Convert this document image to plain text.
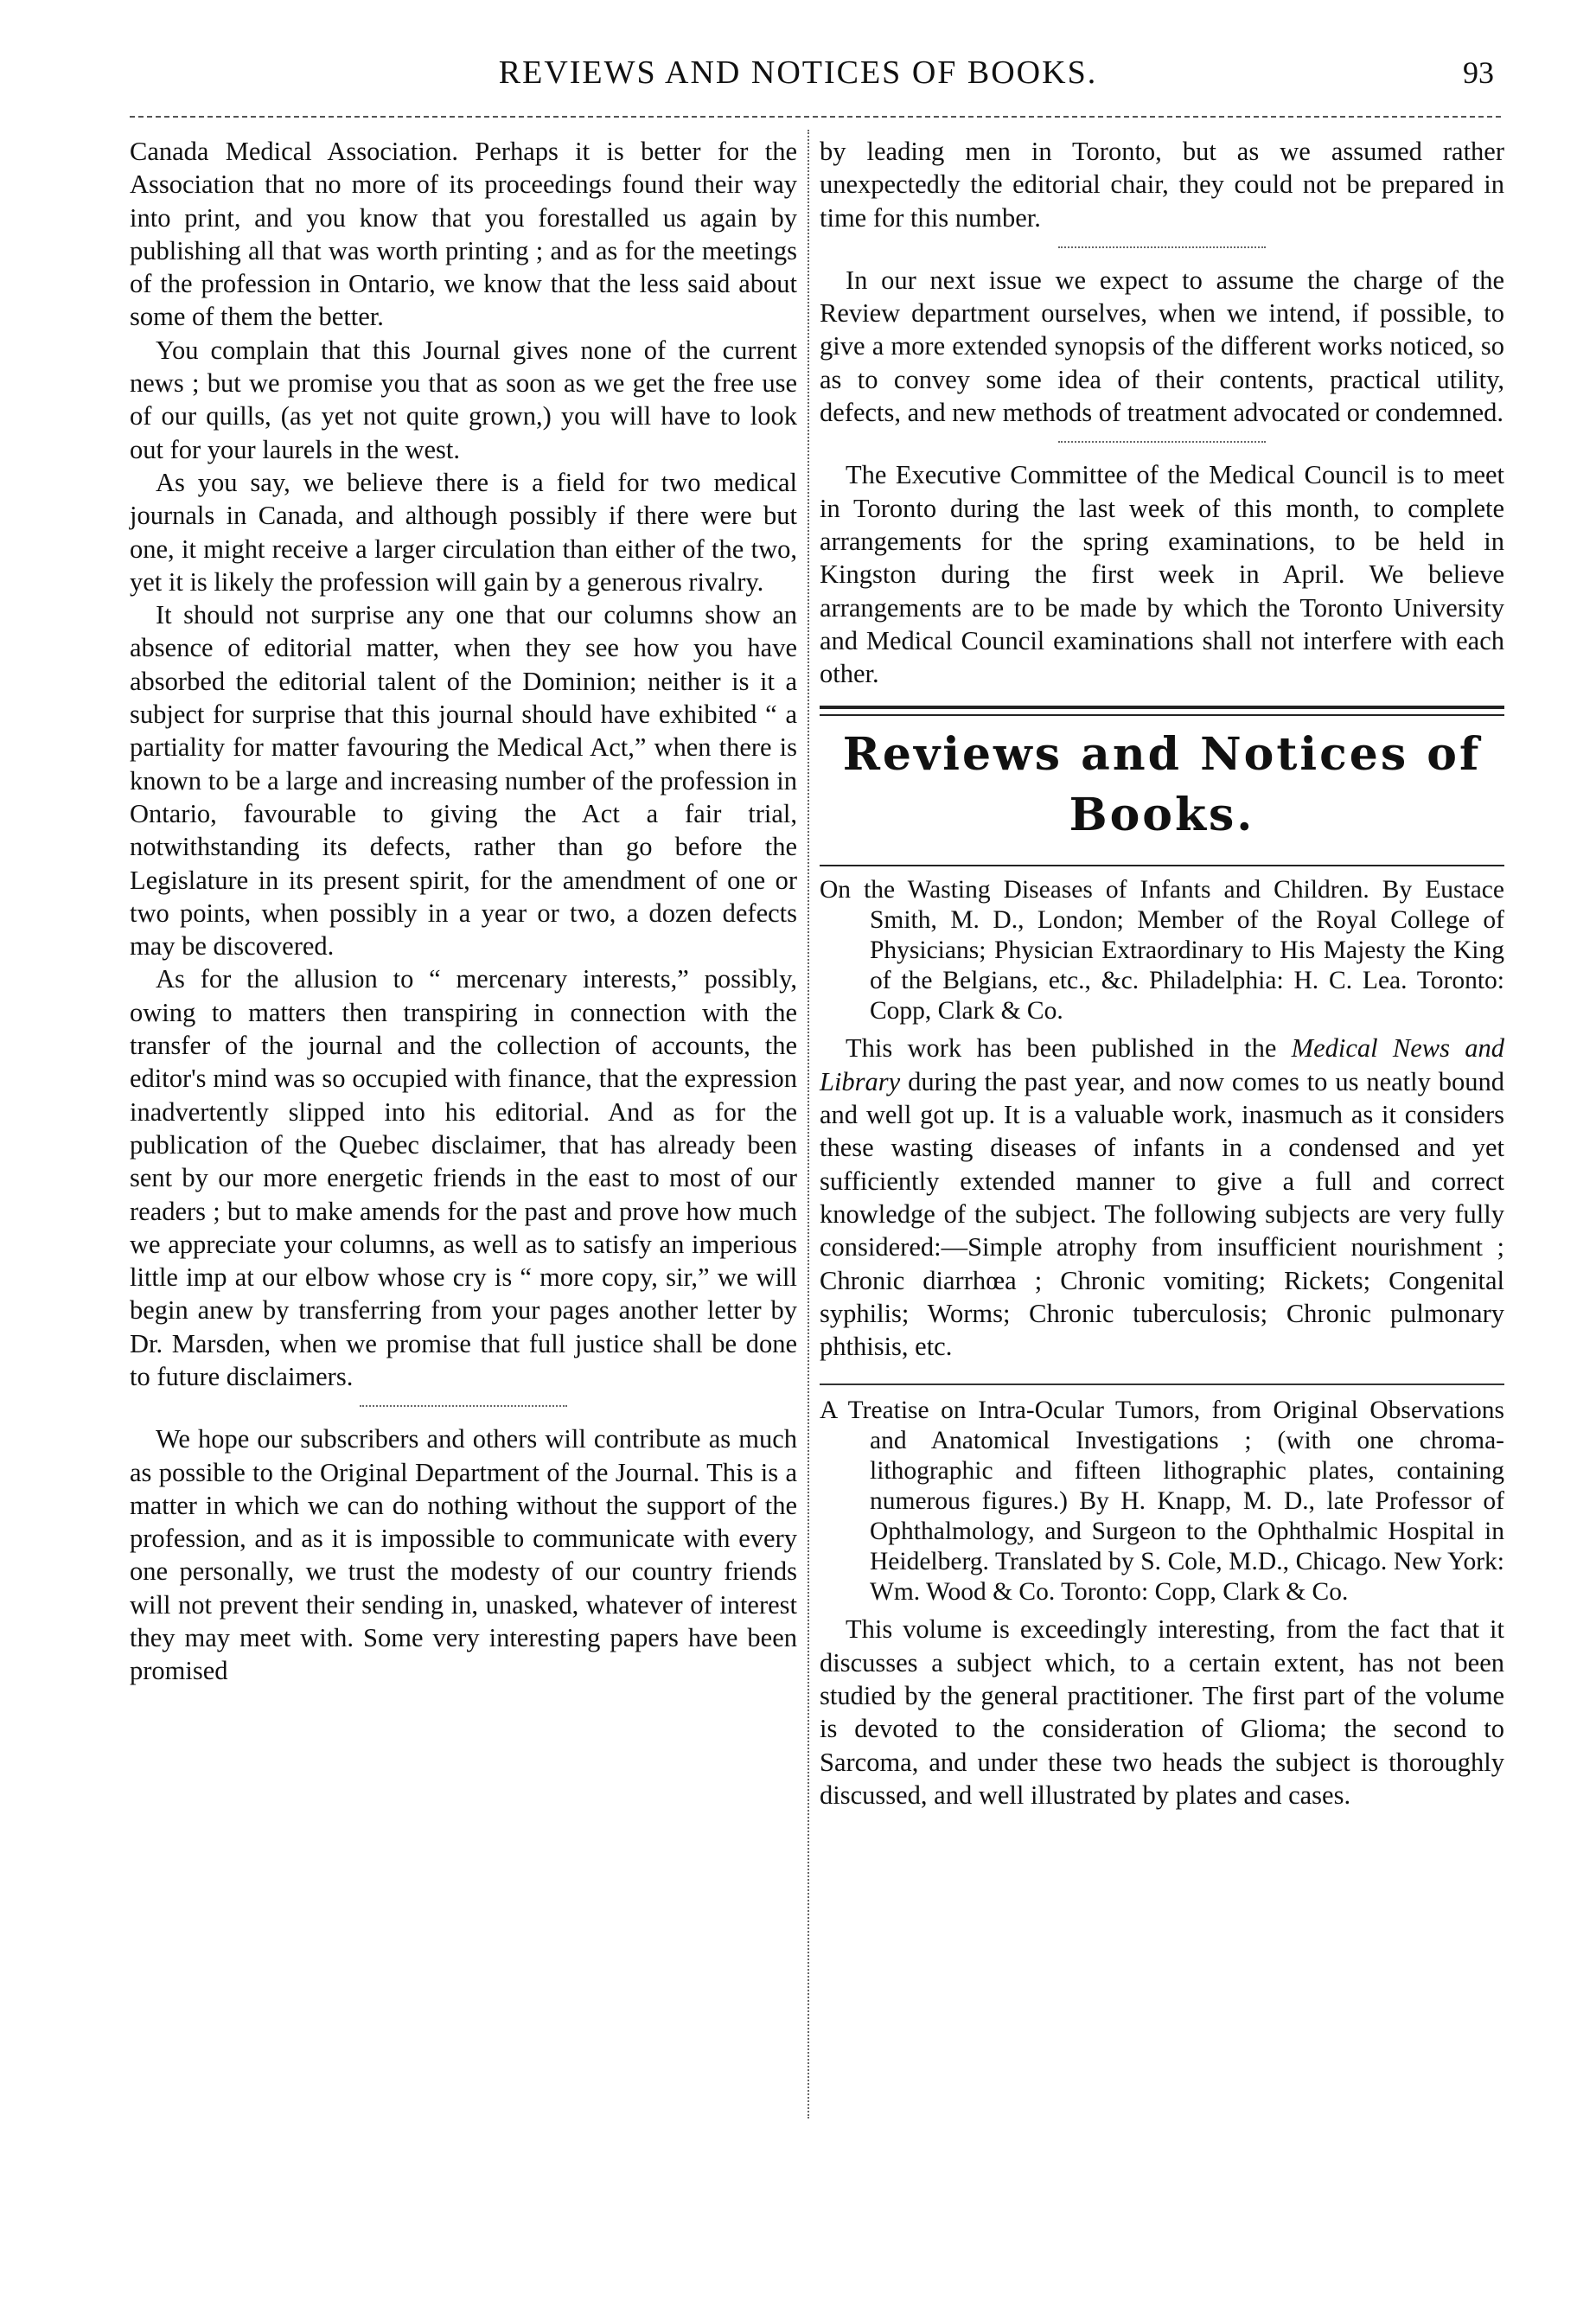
REVIEWS AND NOTICES OF BOOKS.	93

Canada Medical Association. Perhaps it is better for the Association that no more of its proceedings found their way into print, and you know that you forestalled us again by publishing all that was worth printing ; and as for the meetings of the profession in Ontario, we know that the less said about some of them the better.

You complain that this Journal gives none of the current news ; but we promise you that as soon as we get the free use of our quills, (as yet not quite grown,) you will have to look out for your laurels in the west.

As you say, we believe there is a field for two medical journals in Canada, and although possibly if there were but one, it might receive a larger circulation than either of the two, yet it is likely the profession will gain by a generous rivalry.

It should not surprise any one that our columns show an absence of editorial matter, when they see how you have absorbed the editorial talent of the Dominion; neither is it a subject for surprise that this journal should have exhibited “ a partiality for matter favouring the Medical Act,” when there is known to be a large and increasing number of the profession in Ontario, favourable to giving the Act a fair trial, notwithstanding its defects, rather than go before the Legislature in its present spirit, for the amendment of one or two points, when possibly in a year or two, a dozen defects may be discovered.

As for the allusion to “ mercenary interests,” possibly, owing to matters then transpiring in connection with the transfer of the journal and the collection of accounts, the editor's mind was so occupied with finance, that the expression inadvertently slipped into his editorial. And as for the publication of the Quebec disclaimer, that has already been sent by our more energetic friends in the east to most of our readers ; but to make amends for the past and prove how much we appreciate your columns, as well as to satisfy an imperious little imp at our elbow whose cry is “ more copy, sir,” we will begin anew by transferring from your pages another letter by Dr. Marsden, when we promise that full justice shall be done to future disclaimers.

We hope our subscribers and others will contribute as much as possible to the Original Department of the Journal. This is a matter in which we can do nothing without the support of the profession, and as it is impossible to communicate with every one personally, we trust the modesty of our country friends will not prevent their sending in, unasked, whatever of interest they may meet with. Some very interesting papers have been promised

by leading men in Toronto, but as we assumed rather unexpectedly the editorial chair, they could not be prepared in time for this number.

In our next issue we expect to assume the charge of the Review department ourselves, when we intend, if possible, to give a more extended synopsis of the different works noticed, so as to convey some idea of their contents, practical utility, defects, and new methods of treatment advocated or condemned.

The Executive Committee of the Medical Council is to meet in Toronto during the last week of this month, to complete arrangements for the spring examinations, to be held in Kingston during the first week in April. We believe arrangements are to be made by which the Toronto University and Medical Council examinations shall not interfere with each other.

Reviews and Notices of Books.

On the Wasting Diseases of Infants and Children. By Eustace Smith, M. D., London; Member of the Royal College of Physicians; Physician Extraordinary to His Majesty the King of the Belgians, etc., &c. Philadelphia: H. C. Lea. Toronto: Copp, Clark & Co.

This work has been published in the Medical News and Library during the past year, and now comes to us neatly bound and well got up. It is a valuable work, inasmuch as it considers these wasting diseases of infants in a condensed and yet sufficiently extended manner to give a full and correct knowledge of the subject. The following subjects are very fully considered:—Simple atrophy from insufficient nourishment ; Chronic diarrhœa ; Chronic vomiting; Rickets; Congenital syphilis; Worms; Chronic tuberculosis; Chronic pulmonary phthisis, etc.

A Treatise on Intra-Ocular Tumors, from Original Observations and Anatomical Investigations ; (with one chroma-lithographic and fifteen lithographic plates, containing numerous figures.) By H. Knapp, M. D., late Professor of Ophthalmology, and Surgeon to the Ophthalmic Hospital in Heidelberg. Translated by S. Cole, M.D., Chicago. New York: Wm. Wood & Co. Toronto: Copp, Clark & Co.

This volume is exceedingly interesting, from the fact that it discusses a subject which, to a certain extent, has not been studied by the general practitioner. The first part of the volume is devoted to the consideration of Glioma; the second to Sarcoma, and under these two heads the subject is thoroughly discussed, and well illustrated by plates and cases.
